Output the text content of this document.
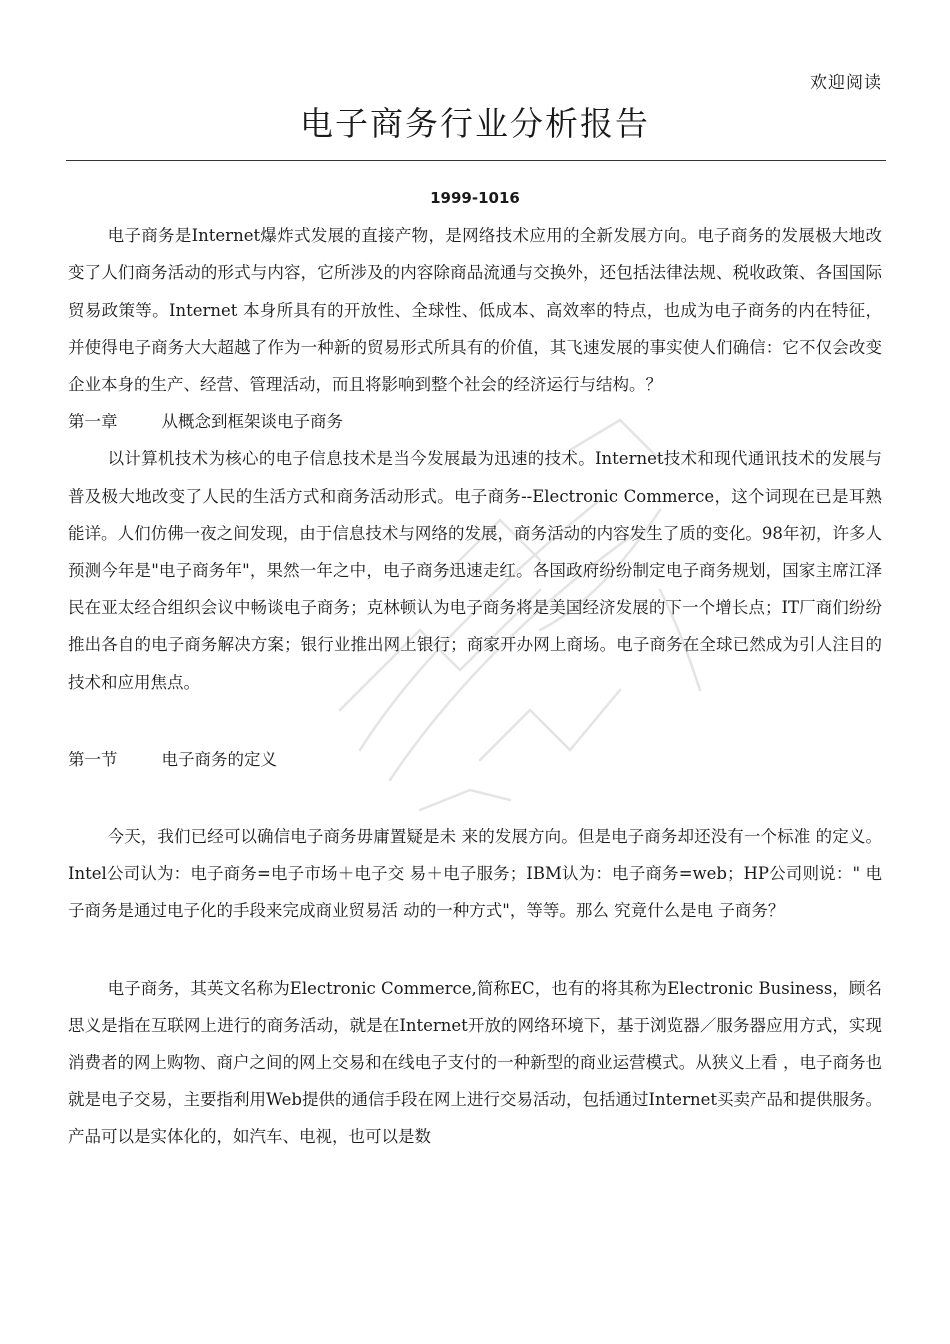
欢迎阅读
电子商务行业分析报告
1999-1016

电子商务是Internet爆炸式发展的直接产物，是网络技术应用的全新发展方向。电子商务的发展极大地改变了人们商务活动的形式与内容，它所涉及的内容除商品流通与交换外，还包括法律法规、税收政策、各国国际贸易政策等。Internet 本身所具有的开放性、全球性、低成本、高效率的特点，也成为电子商务的内在特征，并使得电子商务大大超越了作为一种新的贸易形式所具有的价值，其飞速发展的事实使人们确信：它不仅会改变企业本身的生产、经营、管理活动，而且将影响到整个社会的经济运行与结构。？

第一章	从概念到框架谈电子商务

以计算机技术为核心的电子信息技术是当今发展最为迅速的技术。Internet技术和现代通讯技术的发展与普及极大地改变了人民的生活方式和商务活动形式。电子商务--Electronic Commerce，这个词现在已是耳熟能详。人们仿佛一夜之间发现，由于信息技术与网络的发展，商务活动的内容发生了质的变化。98年初，许多人预测今年是"电子商务年"，果然一年之中，电子商务迅速走红。各国政府纷纷制定电子商务规划，国家主席江泽民在亚太经合组织会议中畅谈电子商务；克林顿认为电子商务将是美国经济发展的下一个增长点；IT厂商们纷纷推出各自的电子商务解决方案；银行业推出网上银行；商家开办网上商场。电子商务在全球已然成为引人注目的技术和应用焦点。

第一节	电子商务的定义

今天，我们已经可以确信电子商务毋庸置疑是未 来的发展方向。但是电子商务却还没有一个标准 的定义。Intel公司认为：电子商务=电子市场＋电子交 易＋电子服务；IBM认为：电子商务=web；HP公司则说：" 电子商务是通过电子化的手段来完成商业贸易活 动的一种方式"，等等。那么 究竟什么是电 子商务？

电子商务，其英文名称为Electronic Commerce,简称EC，也有的将其称为Electronic Business，顾名思义是指在互联网上进行的商务活动，就是在Internet开放的网络环境下，基于浏览器／服务器应用方式，实现消费者的网上购物、商户之间的网上交易和在线电子支付的一种新型的商业运营模式。从狭义上看 ，电子商务也就是电子交易，主要指利用Web提供的通信手段在网上进行交易活动，包括通过Internet买卖产品和提供服务。产品可以是实体化的，如汽车、电视，也可以是数
